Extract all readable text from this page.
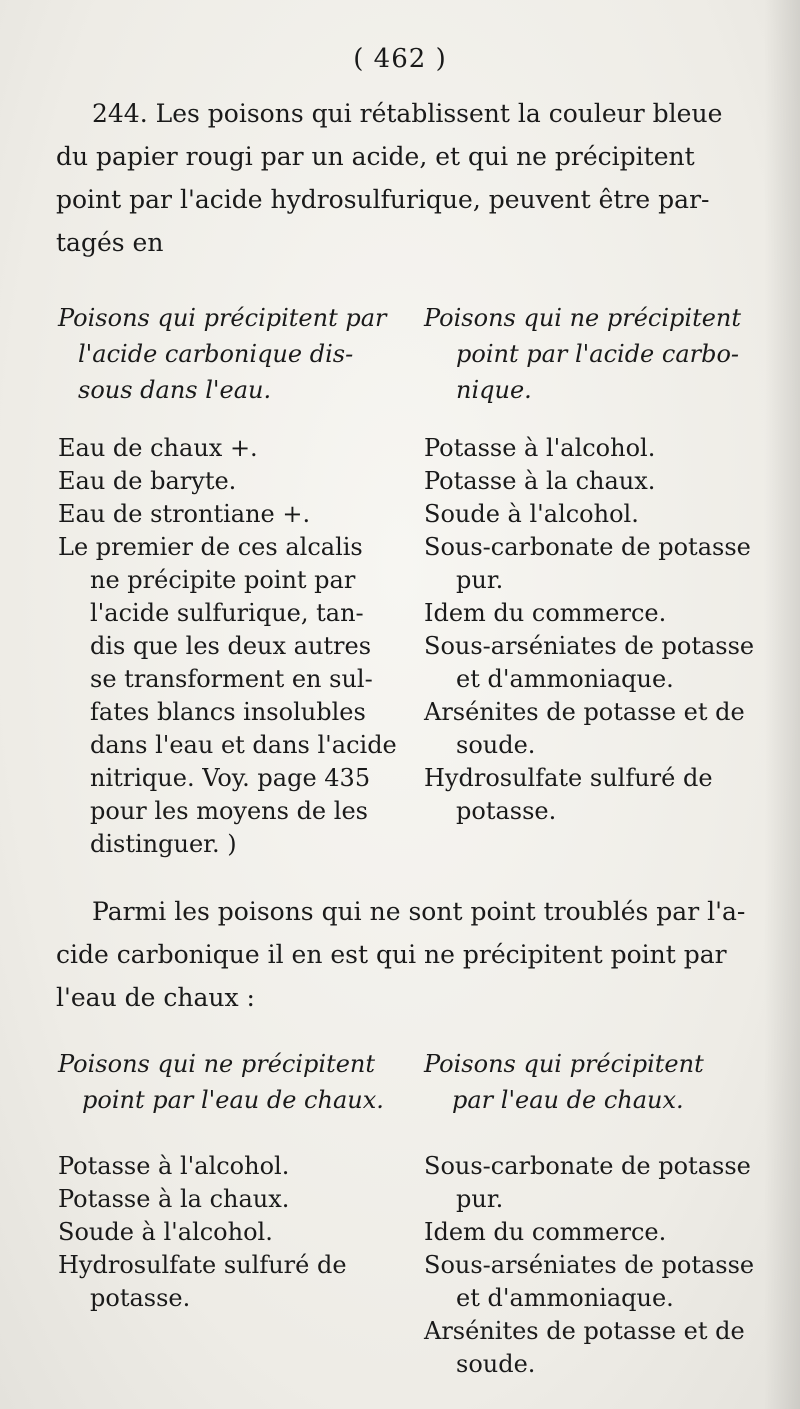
( 462 )
244. Les poisons qui rétablissent la couleur bleue
du papier rougi par un acide, et qui ne précipitent
point par l'acide hydrosulfurique, peuvent être par-
tagés en
Poisons qui précipitent par
l'acide carbonique dis-
sous dans l'eau.
Poisons qui ne précipitent
point par l'acide carbo-
nique.
Eau de chaux +.
Eau de baryte.
Eau de strontiane +.
Le premier de ces alcalis
ne précipite point par
l'acide sulfurique, tan-
dis que les deux autres
se transforment en sul-
fates blancs insolubles
dans l'eau et dans l'acide
nitrique. Voy. page 435
pour les moyens de les
distinguer. )
Potasse à l'alcohol.
Potasse à la chaux.
Soude à l'alcohol.
Sous-carbonate de potasse
pur.
Idem du commerce.
Sous-arséniates de potasse
et d'ammoniaque.
Arsénites de potasse et de
soude.
Hydrosulfate sulfuré de
potasse.
Parmi les poisons qui ne sont point troublés par l'a-
cide carbonique il en est qui ne précipitent point par
l'eau de chaux :
Poisons qui ne précipitent
point par l'eau de chaux.
Poisons qui précipitent
par l'eau de chaux.
Potasse à l'alcohol.
Potasse à la chaux.
Soude à l'alcohol.
Hydrosulfate sulfuré de
potasse.
Sous-carbonate de potasse
pur.
Idem du commerce.
Sous-arséniates de potasse
et d'ammoniaque.
Arsénites de potasse et de
soude.
